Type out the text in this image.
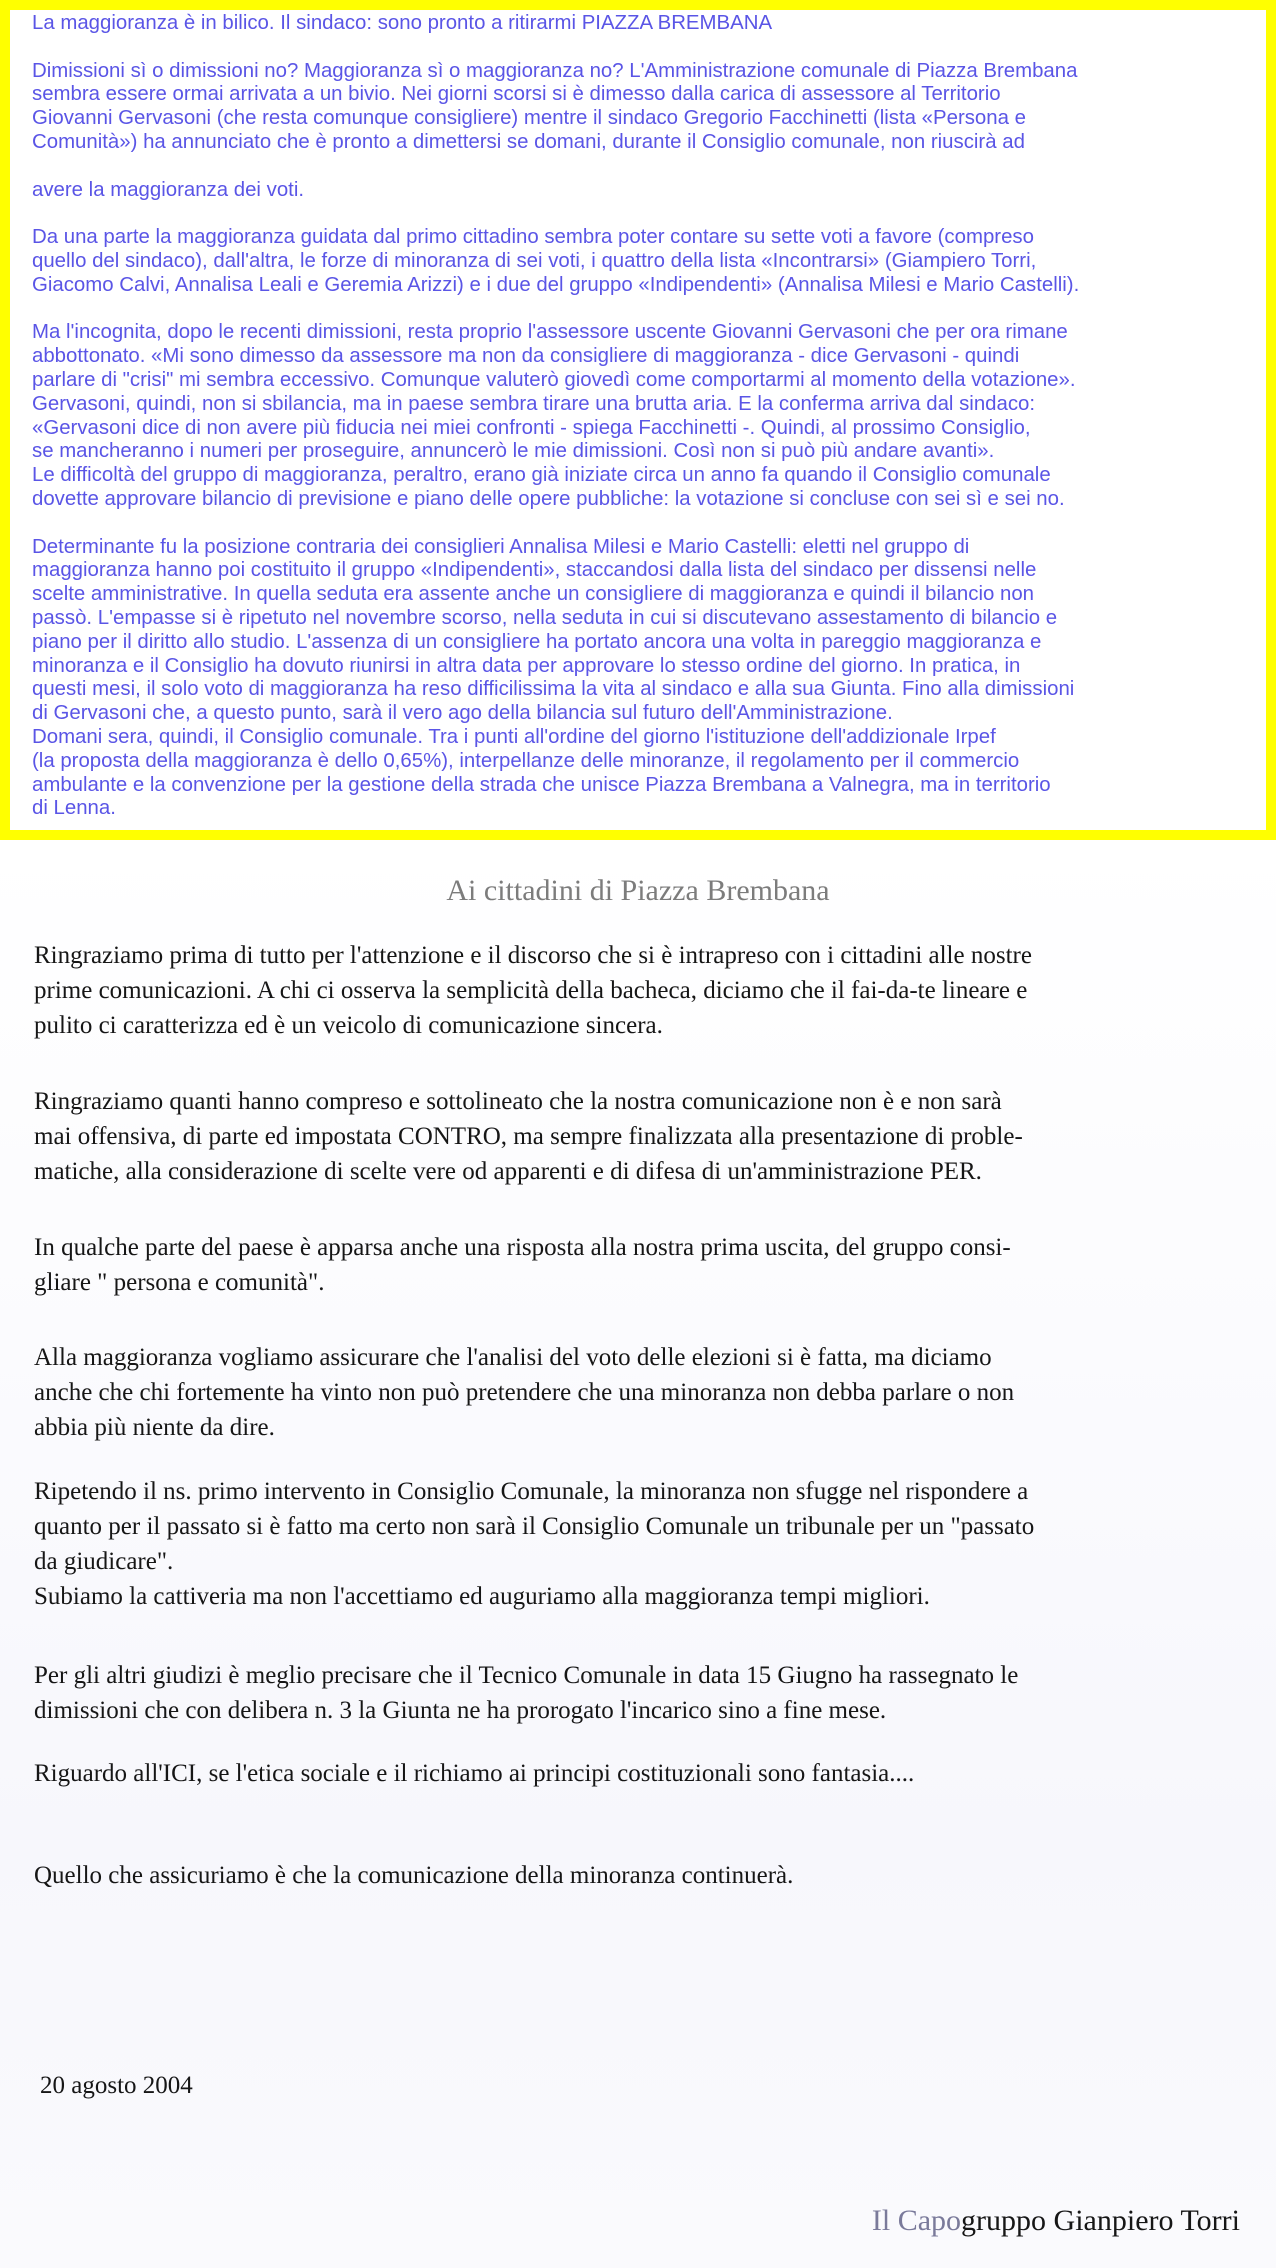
La maggioranza è in bilico. Il sindaco: sono pronto a ritirarmi PIAZZA BREMBANA

Dimissioni sì o dimissioni no? Maggioranza sì o maggioranza no? L'Amministrazione comunale di Piazza Brembana
sembra essere ormai arrivata a un bivio. Nei giorni scorsi si è dimesso dalla carica di assessore al Territorio
Giovanni Gervasoni (che resta comunque consigliere) mentre il sindaco Gregorio Facchinetti (lista «Persona e
Comunità») ha annunciato che è pronto a dimettersi se domani, durante il Consiglio comunale, non riuscirà ad

avere la maggioranza dei voti.

Da una parte la maggioranza guidata dal primo cittadino sembra poter contare su sette voti a favore (compreso
quello del sindaco), dall'altra, le forze di minoranza di sei voti, i quattro della lista «Incontrarsi» (Giampiero Torri,
Giacomo Calvi, Annalisa Leali e Geremia Arizzi) e i due del gruppo «Indipendenti» (Annalisa Milesi e Mario Castelli).

Ma l'incognita, dopo le recenti dimissioni, resta proprio l'assessore uscente Giovanni Gervasoni che per ora rimane
abbottonato. «Mi sono dimesso da assessore ma non da consigliere di maggioranza - dice Gervasoni - quindi
parlare di "crisi" mi sembra eccessivo. Comunque valuterò giovedì come comportarmi al momento della votazione».
Gervasoni, quindi, non si sbilancia, ma in paese sembra tirare una brutta aria. E la conferma arriva dal sindaco:
«Gervasoni dice di non avere più fiducia nei miei confronti - spiega Facchinetti -. Quindi, al prossimo Consiglio,
se mancheranno i numeri per proseguire, annuncerò le mie dimissioni. Così non si può più andare avanti».
Le difficoltà del gruppo di maggioranza, peraltro, erano già iniziate circa un anno fa quando il Consiglio comunale
dovette approvare bilancio di previsione e piano delle opere pubbliche: la votazione si concluse con sei sì e sei no.

Determinante fu la posizione contraria dei consiglieri Annalisa Milesi e Mario Castelli: eletti nel gruppo di
maggioranza hanno poi costituito il gruppo «Indipendenti», staccandosi dalla lista del sindaco per dissensi nelle
scelte amministrative. In quella seduta era assente anche un consigliere di maggioranza e quindi il bilancio non
passò. L'empasse si è ripetuto nel novembre scorso, nella seduta in cui si discutevano assestamento di bilancio e
piano per il diritto allo studio. L'assenza di un consigliere ha portato ancora una volta in pareggio maggioranza e
minoranza e il Consiglio ha dovuto riunirsi in altra data per approvare lo stesso ordine del giorno. In pratica, in
questi mesi, il solo voto di maggioranza ha reso difficilissima la vita al sindaco e alla sua Giunta. Fino alla dimissioni
di Gervasoni che, a questo punto, sarà il vero ago della bilancia sul futuro dell'Amministrazione.
Domani sera, quindi, il Consiglio comunale. Tra i punti all'ordine del giorno l'istituzione dell'addizionale Irpef
(la proposta della maggioranza è dello 0,65%), interpellanze delle minoranze, il regolamento per il commercio
ambulante e la convenzione per la gestione della strada che unisce Piazza Brembana a Valnegra, ma in territorio
di Lenna.

Ai cittadini di Piazza Brembana
Ringraziamo prima di tutto per l'attenzione e il discorso che si è intrapreso con i cittadini alle nostre
prime comunicazioni. A chi ci osserva la semplicità della bacheca, diciamo che il fai-da-te lineare e
pulito ci caratterizza ed è un veicolo di comunicazione sincera.
Ringraziamo quanti hanno compreso e sottolineato che la nostra comunicazione non è e non sarà
mai offensiva, di parte ed impostata CONTRO, ma sempre finalizzata alla presentazione di proble-
matiche, alla considerazione di scelte vere od apparenti e di difesa di un'amministrazione PER.
In qualche parte del paese è apparsa anche una risposta alla nostra prima uscita, del gruppo consi-
gliare " persona e comunità".
Alla maggioranza vogliamo assicurare che l'analisi del voto delle elezioni si è fatta, ma diciamo
anche che chi fortemente ha vinto non può pretendere che una minoranza non debba parlare o non
abbia più niente da dire.
Ripetendo il ns. primo intervento in Consiglio Comunale, la minoranza non sfugge nel rispondere a
quanto per il passato si è fatto ma certo non sarà il Consiglio Comunale un tribunale per un "passato
da giudicare".
Subiamo la cattiveria ma non l'accettiamo ed auguriamo alla maggioranza tempi migliori.
Per gli altri giudizi è meglio precisare che il Tecnico Comunale in data 15 Giugno ha rassegnato le
dimissioni che con delibera n. 3 la Giunta ne ha prorogato l'incarico sino a fine mese.
Riguardo all'ICI, se l'etica sociale e il richiamo ai principi costituzionali sono fantasia....
Quello che assicuriamo è che la comunicazione della minoranza continuerà.
20 agosto 2004
Il Capogruppo Gianpiero Torri
